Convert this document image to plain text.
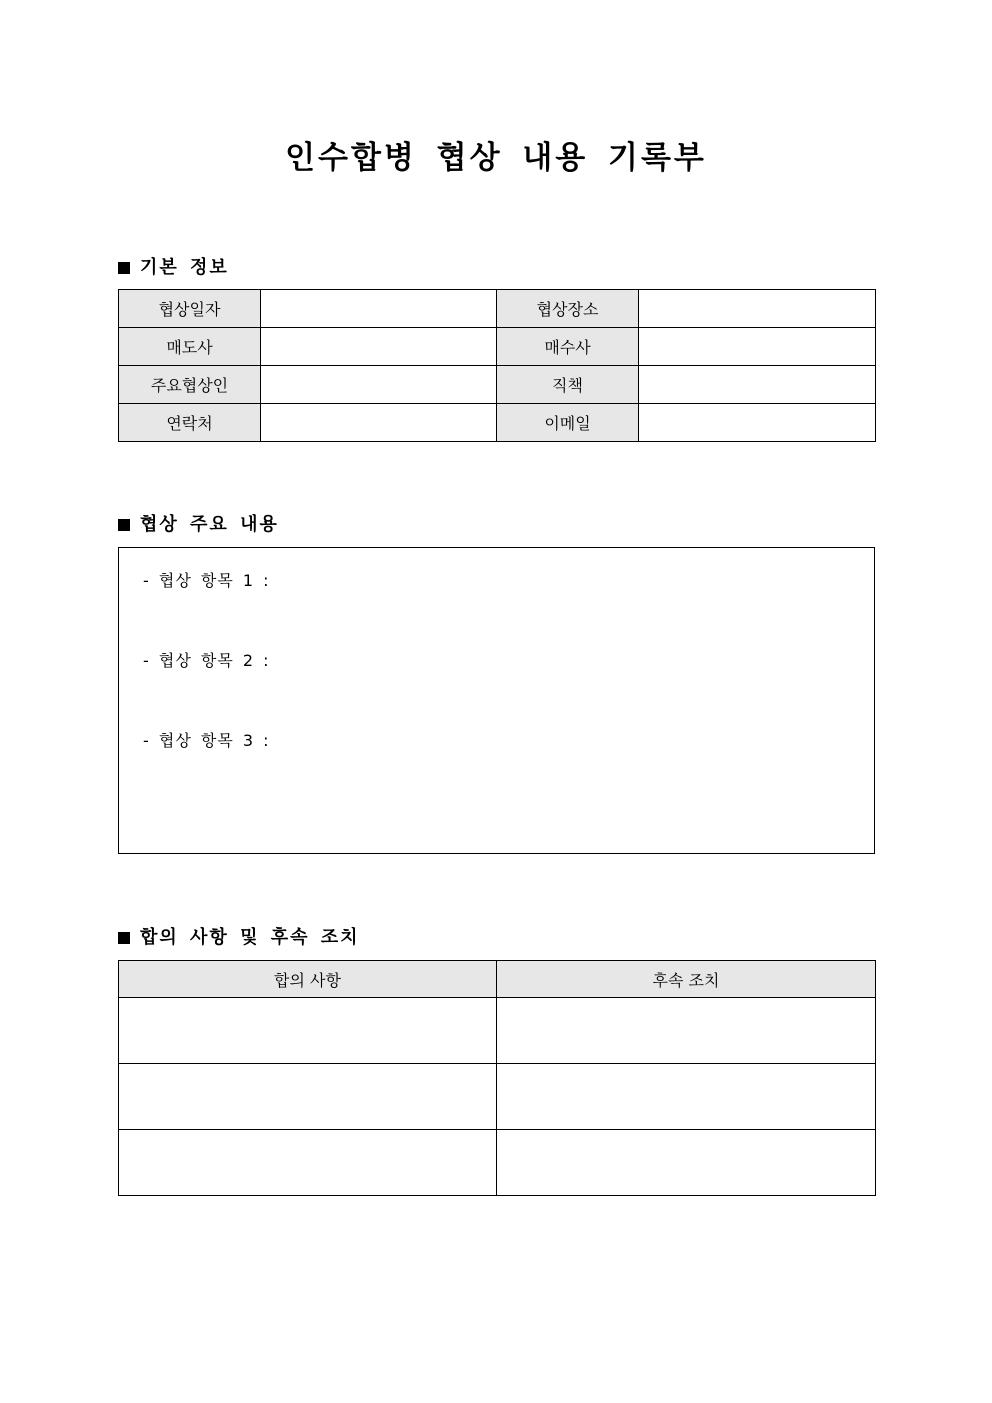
인수합병 협상 내용 기록부
기본 정보
협상일자		협상장소	
매도사		매수사	
주요협상인		직책	
연락처		이메일	
협상 주요 내용
- 협상 항목 1 :
- 협상 항목 2 :
- 협상 항목 3 :
합의 사항 및 후속 조치
합의 사항	후속 조치
